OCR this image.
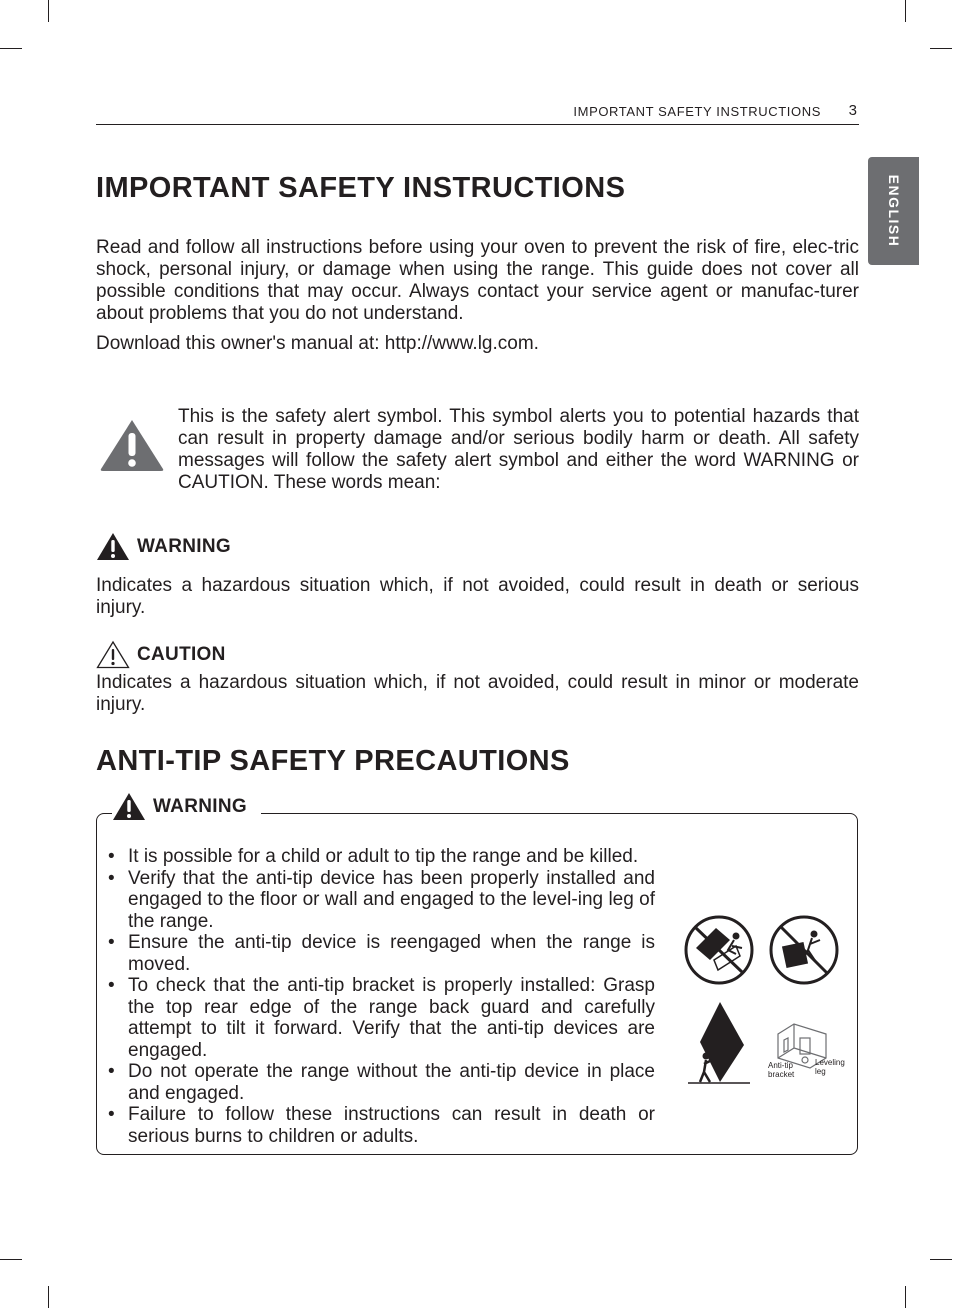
IMPORTANT SAFETY INSTRUCTIONS 3
ENGLISH
IMPORTANT SAFETY INSTRUCTIONS

Read and follow all instructions before using your oven to prevent the risk of fire, elec-tric shock, personal injury, or damage when using the range. This guide does not cover all possible conditions that may occur. Always contact your service agent or manufac-turer about problems that you do not understand.

Download this owner's manual at: http://www.lg.com.

This is the safety alert symbol. This symbol alerts you to potential hazards that can result in property damage and/or serious bodily harm or death. All safety messages will follow the safety alert symbol and either the word WARNING or CAUTION. These words mean:

WARNING

Indicates a hazardous situation which, if not avoided, could result in death or serious injury.

CAUTION

Indicates a hazardous situation which, if not avoided, could result in minor or moderate injury.

ANTI-TIP SAFETY PRECAUTIONS
WARNING
• It is possible for a child or adult to tip the range and be killed.
• Verify that the anti-tip device has been properly installed and engaged to the floor or wall and engaged to the level-ing leg of the range.
• Ensure the anti-tip device is reengaged when the range is moved.
• To check that the anti-tip bracket is properly installed: Grasp the top rear edge of the range back guard and carefully attempt to tilt it forward. Verify that the anti-tip devices are engaged.
• Do not operate the range without the anti-tip device in place and engaged.
• Failure to follow these instructions can result in death or serious burns to children or adults.
Anti-tip
bracket
Leveling
leg
